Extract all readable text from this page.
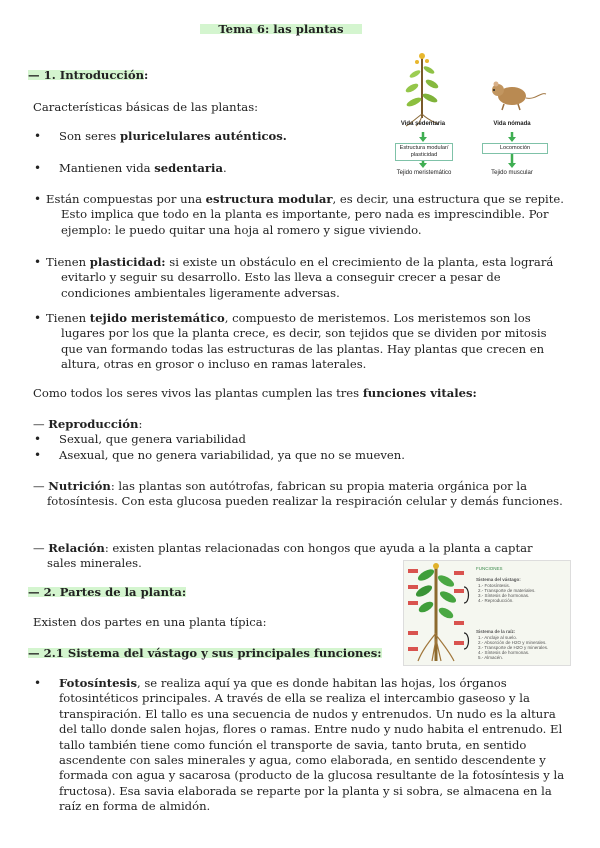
Tema 6: las plantas
— 1. Introducción:
Vida sedentaria	Vida nómada
Estructura modular/ plasticidad
Locomoción
Tejido meristemático	Tejido muscular
Características básicas de las plantas:
• Son seres pluricelulares auténticos.
• Mantienen vida sedentaria.
• Están compuestas por una estructura modular, es decir, una estructura que se repite. Esto implica que todo en la planta es importante, pero nada es imprescindible. Por ejemplo: le puedo quitar una hoja al romero y sigue viviendo.
• Tienen plasticidad: si existe un obstáculo en el crecimiento de la planta, esta logrará evitarlo y seguir su desarrollo. Esto las lleva a conseguir crecer a pesar de condiciones ambientales ligeramente adversas.
• Tienen tejido meristemático, compuesto de meristemos. Los meristemos son los lugares por los que la planta crece, es decir, son tejidos que se dividen por mitosis que van formando todas las estructuras de las plantas. Hay plantas que crecen en altura, otras en grosor o incluso en ramas laterales.
Como todos los seres vivos las plantas cumplen las tres funciones vitales:
— Reproducción:
• Sexual, que genera variabilidad
• Asexual, que no genera variabilidad, ya que no se mueven.
— Nutrición: las plantas son autótrofas, fabrican su propia materia orgánica por la fotosíntesis. Con esta glucosa pueden realizar la respiración celular y demás funciones.
— Relación: existen plantas relacionadas con hongos que ayuda a la planta a captar sales minerales.	FUNCIONES
Sistema del vástago:
1.- Fotosíntesis.
2.- Transporte de materiales.
3.- Síntesis de hormonas.
4.- Reproducción.
Sistema de la raíz:
1.- Anclaje al suelo.
2.- Absorción de H2O y minerales.
3.- Transporte de H2O y minerales.
4.- Síntesis de hormonas.
5.- Almacén.
— 2. Partes de la planta:
Existen dos partes en una planta típica:
— 2.1 Sistema del vástago y sus principales funciones:
• Fotosíntesis, se realiza aquí ya que es donde habitan las hojas, los órganos fotosintéticos principales. A través de ella se realiza el intercambio gaseoso y la transpiración. El tallo es una secuencia de nudos y entrenudos. Un nudo es la altura del tallo donde salen hojas, flores o ramas. Entre nudo y nudo habita el entrenudo. El tallo también tiene como función el transporte de savia, tanto bruta, en sentido ascendente con sales minerales y agua, como elaborada, en sentido descendente y formada con agua y sacarosa (producto de la glucosa resultante de la fotosíntesis y la fructosa). Esa savia elaborada se reparte por la planta y si sobra, se almacena en la raíz en forma de almidón.
